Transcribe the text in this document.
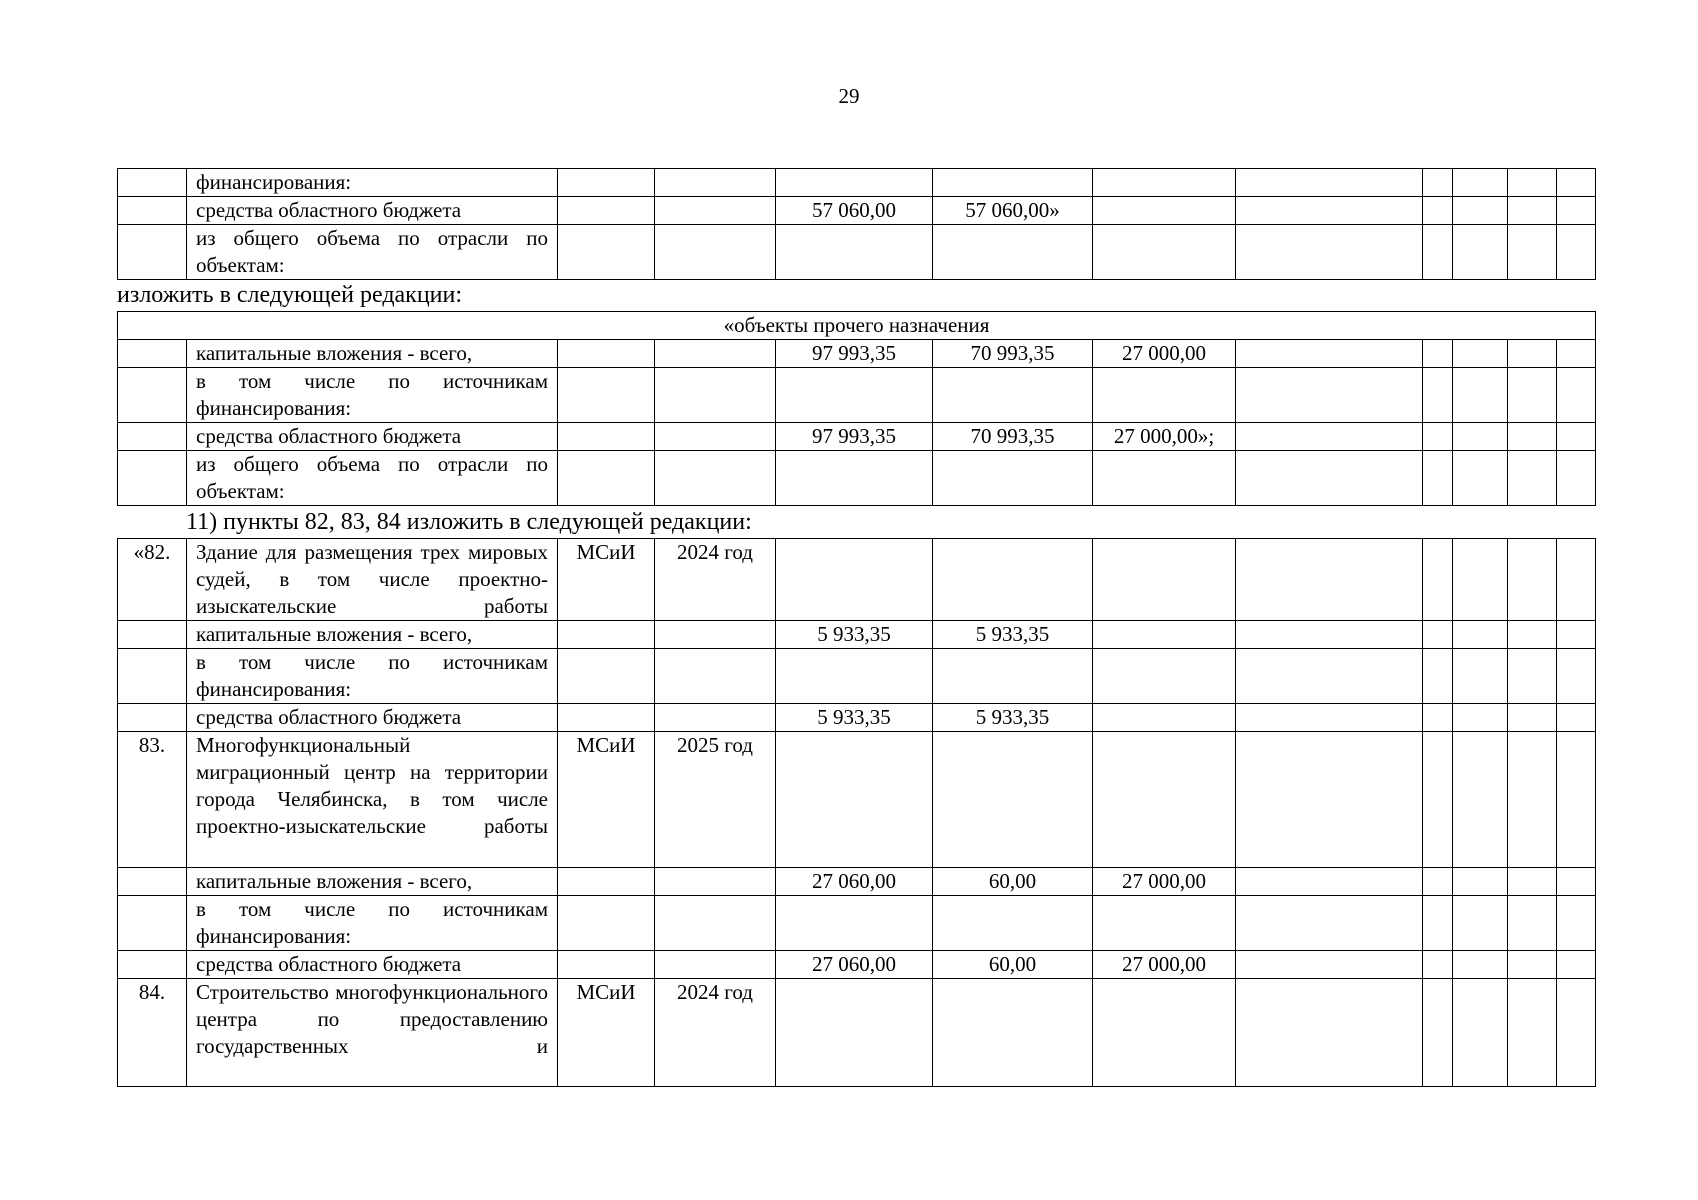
29
	финансирования:										
	средства областного бюджета			57 060,00	57 060,00»						
	из общего объема по отрасли по объектам:										
изложить в следующей редакции:
«объекты прочего назначения											
	капитальные вложения - всего,			97 993,35	70 993,35	27 000,00					
	в том числе по источникам финансирования:										
	средства областного бюджета			97 993,35	70 993,35	27 000,00»;					
	из общего объема по отрасли по объектам:										
11) пункты 82, 83, 84 изложить в следующей редакции:
«82.	Здание для размещения трех мировых судей, в том числе проектно-изыскательские работы	МСиИ	2024 год								
	капитальные вложения - всего,			5 933,35	5 933,35						
	в том числе по источникам финансирования:										
	средства областного бюджета			5 933,35	5 933,35						
83.	Многофункциональный миграционный центр на территории города Челябинска, в том числе проектно-изыскательские работы	МСиИ	2025 год								
	капитальные вложения - всего,			27 060,00	60,00	27 000,00					
	в том числе по источникам финансирования:										
	средства областного бюджета			27 060,00	60,00	27 000,00					
84.	Строительство многофункционального центра по предоставлению государственных и	МСиИ	2024 год								
